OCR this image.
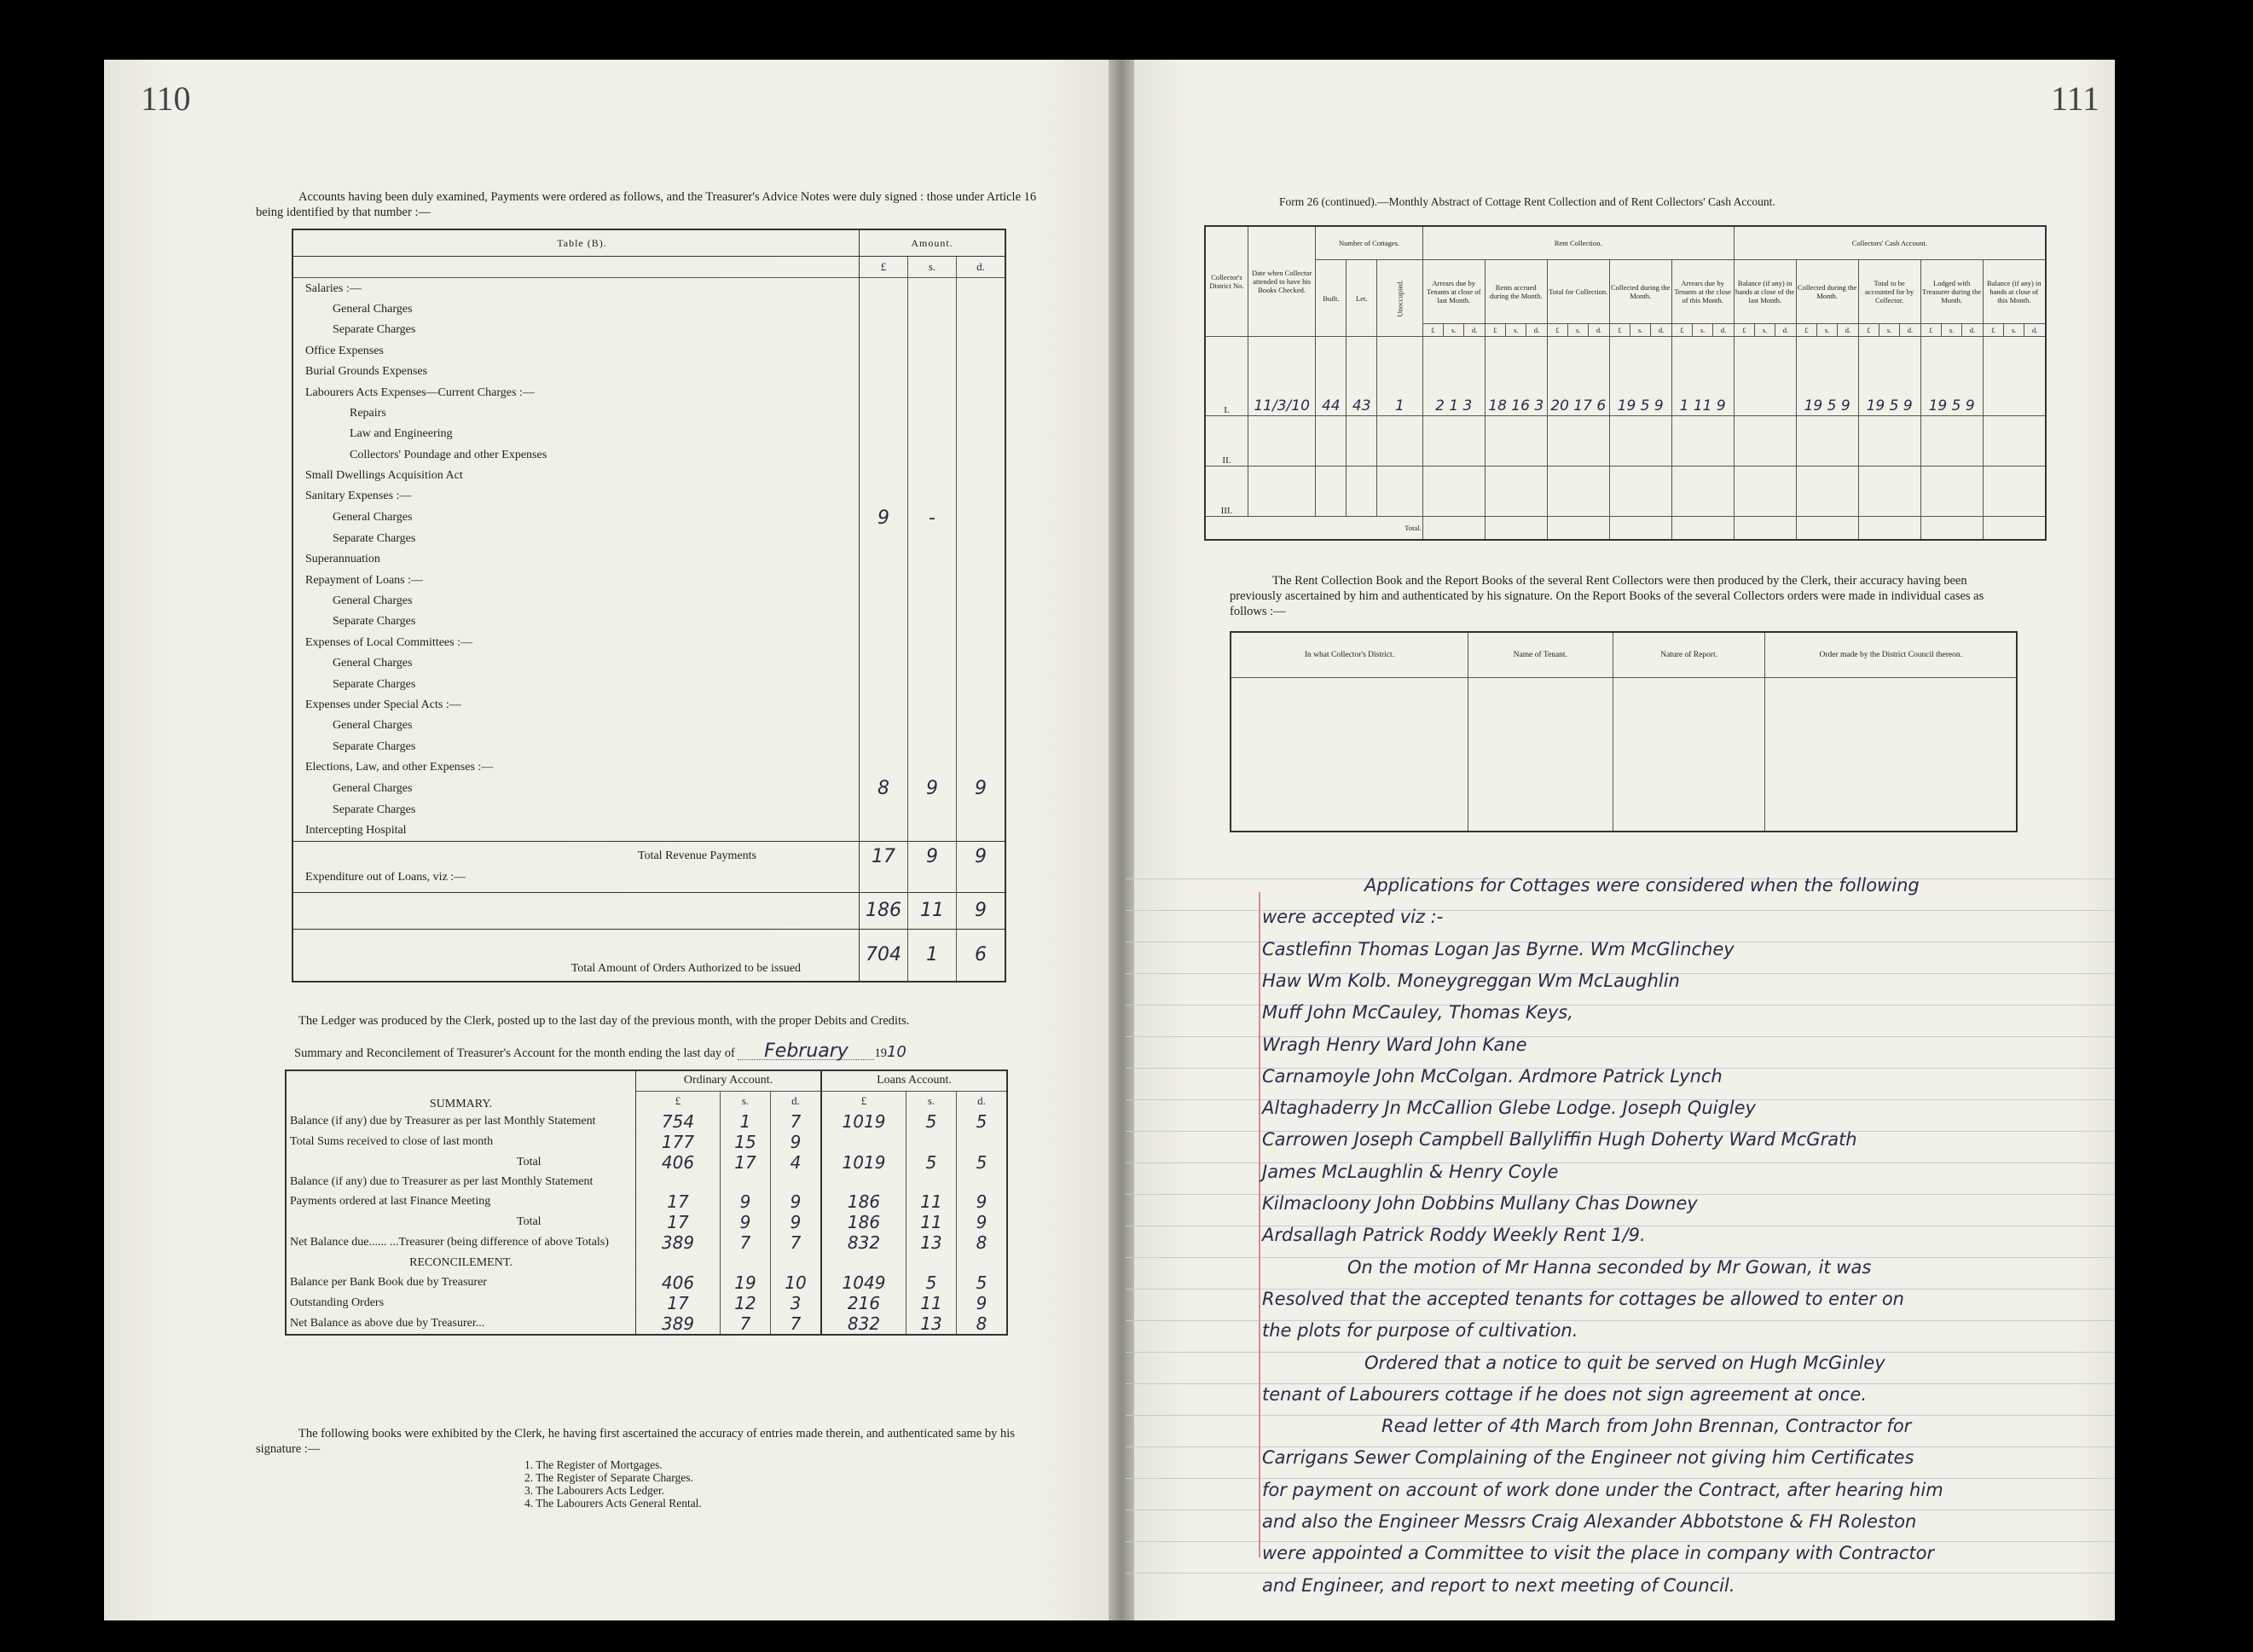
110
Accounts having been duly examined, Payments were ordered as follows, and the Treasurer's Advice Notes were duly signed : those under Article 16 being identified by that number :—
Table (B).	Amount.		
	£	s.	d.
Salaries :—			
General Charges			
Separate Charges			
Office Expenses			
Burial Grounds Expenses			
Labourers Acts Expenses—Current Charges :—			
Repairs			
Law and Engineering			
Collectors' Poundage and other Expenses			
Small Dwellings Acquisition Act			
Sanitary Expenses :—			
General Charges	9	-	
Separate Charges			
Superannuation			
Repayment of Loans :—			
General Charges			
Separate Charges			
Expenses of Local Committees :—			
General Charges			
Separate Charges			
Expenses under Special Acts :—			
General Charges			
Separate Charges			
Elections, Law, and other Expenses :—			
General Charges	8	9	9
Separate Charges			
Intercepting Hospital			
Total Revenue Payments	17	9	9
Expenditure out of Loans, viz :—			
	186	11	9
Total Amount of Orders Authorized to be issued	704	1	6
The Ledger was produced by the Clerk, posted up to the last day of the previous month, with the proper Debits and Credits.
Summary and Reconcilement of Treasurer's Account for the month ending the last day of February 1910
SUMMARY.	Ordinary Account.			Loans Account.		
	£	s.	d.	£	s.	d.
Balance (if any) due by Treasurer as per last Monthly Statement	754	1	7	1019	5	5
Total Sums received to close of last month	177	15	9			
Total	406	17	4	1019	5	5
Balance (if any) due to Treasurer as per last Monthly Statement						
Payments ordered at last Finance Meeting	17	9	9	186	11	9
Total	17	9	9	186	11	9
Net Balance due...... ...Treasurer (being difference of above Totals)	389	7	7	832	13	8
RECONCILEMENT.						
Balance per Bank Book due by Treasurer	406	19	10	1049	5	5
Outstanding Orders	17	12	3	216	11	9
Net Balance as above due by Treasurer...	389	7	7	832	13	8
The following books were exhibited by the Clerk, he having first ascertained the accuracy of entries made therein, and authenticated same by his signature :—
1. The Register of Mortgages.
2. The Register of Separate Charges.
3. The Labourers Acts Ledger.
4. The Labourers Acts General Rental.
111
Form 26 (continued).—Monthly Abstract of Cottage Rent Collection and of Rent Collectors' Cash Account.
Collector's District No.	Date when Collector attended to have his Books Checked.	Number of Cottages.			Rent Collection.															Collectors' Cash Account.														
		Built.	Let.	Unoccupied.	Arrears due by Tenants at close of last Month.			Rents accrued during the Month.			Total for Collection.			Collected during the Month.			Arrears due by Tenants at the close of this Month.			Balance (if any) in hands at close of the last Month.			Collected during the Month.			Total to be accounted for by Collector.			Lodged with Treasurer during the Month.			Balance (if any) in hands at close of this Month.		
					£	s.	d.	£	s.	d.	£	s.	d.	£	s.	d.	£	s.	d.	£	s.	d.	£	s.	d.	£	s.	d.	£	s.	d.	£	s.	d.
I.	11/3/10	44	43	1	2 1 3			18 16 3			20 17 6			19 5 9			1 11 9						19 5 9			19 5 9			19 5 9					
II.																																		
III.																																		
Total.																																		
The Rent Collection Book and the Report Books of the several Rent Collectors were then produced by the Clerk, their accuracy having been previously ascertained by him and authenticated by his signature. On the Report Books of the several Collectors orders were made in individual cases as follows :—
In what Collector's District.	Name of Tenant.	Nature of Report.	Order made by the District Council thereon.

Applications for Cottages were considered when the following
were accepted viz :-
Castlefinn Thomas Logan Jas Byrne. Wm McGlinchey
Haw Wm Kolb. Moneygreggan Wm McLaughlin
Muff John McCauley, Thomas Keys,
Wragh Henry Ward John Kane
Carnamoyle John McColgan. Ardmore Patrick Lynch
Altaghaderry Jn McCallion Glebe Lodge. Joseph Quigley
Carrowen Joseph Campbell Ballyliffin Hugh Doherty Ward McGrath
James McLaughlin & Henry Coyle
Kilmacloony John Dobbins Mullany Chas Downey
Ardsallagh Patrick Roddy Weekly Rent 1/9.
On the motion of Mr Hanna seconded by Mr Gowan, it was
Resolved that the accepted tenants for cottages be allowed to enter on
the plots for purpose of cultivation.
Ordered that a notice to quit be served on Hugh McGinley
tenant of Labourers cottage if he does not sign agreement at once.
Read letter of 4th March from John Brennan, Contractor for
Carrigans Sewer Complaining of the Engineer not giving him Certificates
for payment on account of work done under the Contract, after hearing him
and also the Engineer Messrs Craig Alexander Abbotstone & FH Roleston
were appointed a Committee to visit the place in company with Contractor
and Engineer, and report to next meeting of Council.
